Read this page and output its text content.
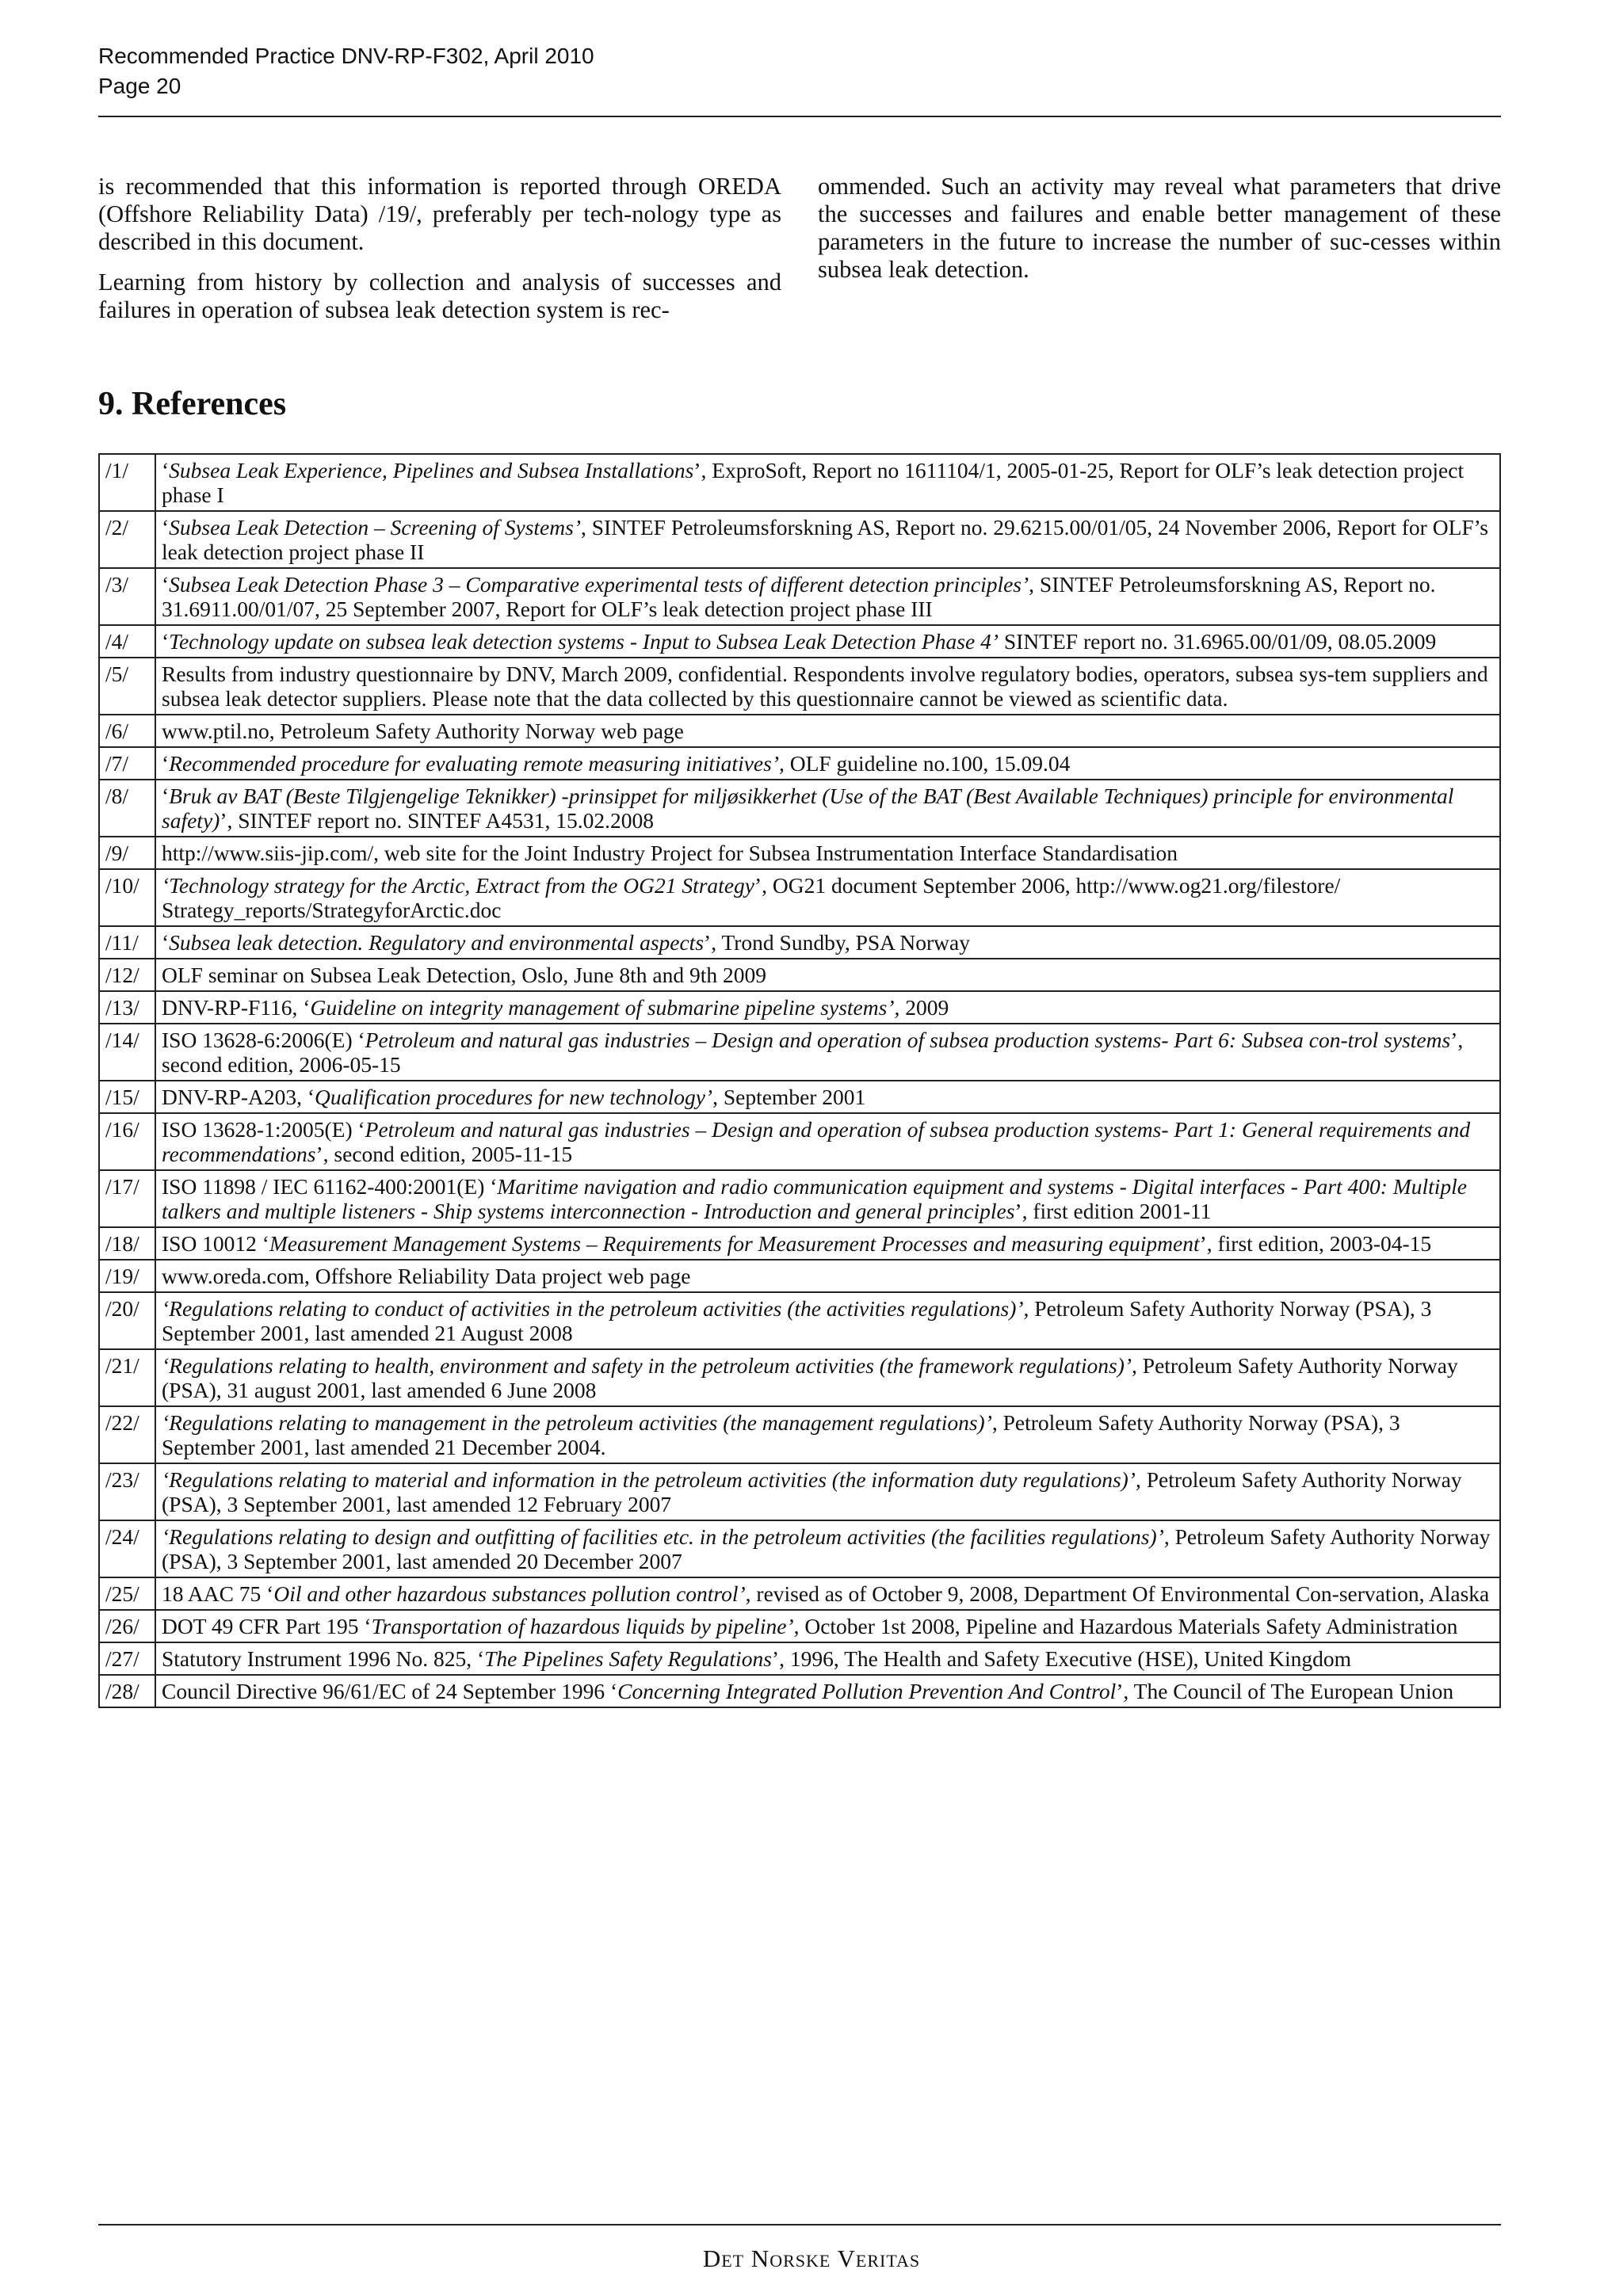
Recommended Practice DNV-RP-F302, April 2010
Page 20

is recommended that this information is reported through OREDA (Offshore Reliability Data) /19/, preferably per tech-nology type as described in this document.

Learning from history by collection and analysis of successes and failures in operation of subsea leak detection system is rec-

ommended. Such an activity may reveal what parameters that drive the successes and failures and enable better management of these parameters in the future to increase the number of suc-cesses within subsea leak detection.

9. References
/1/	‘Subsea Leak Experience, Pipelines and Subsea Installations’, ExproSoft, Report no 1611104/1, 2005-01-25, Report for OLF’s leak detection project phase I
/2/	‘Subsea Leak Detection – Screening of Systems’, SINTEF Petroleumsforskning AS, Report no. 29.6215.00/01/05, 24 November 2006, Report for OLF’s leak detection project phase II
/3/	‘Subsea Leak Detection Phase 3 – Comparative experimental tests of different detection principles’, SINTEF Petroleumsforskning AS, Report no. 31.6911.00/01/07, 25 September 2007, Report for OLF’s leak detection project phase III
/4/	‘Technology update on subsea leak detection systems - Input to Subsea Leak Detection Phase 4’ SINTEF report no. 31.6965.00/01/09, 08.05.2009
/5/	Results from industry questionnaire by DNV, March 2009, confidential. Respondents involve regulatory bodies, operators, subsea sys-tem suppliers and subsea leak detector suppliers. Please note that the data collected by this questionnaire cannot be viewed as scientific data.
/6/	www.ptil.no, Petroleum Safety Authority Norway web page
/7/	‘Recommended procedure for evaluating remote measuring initiatives’, OLF guideline no.100, 15.09.04
/8/	‘Bruk av BAT (Beste Tilgjengelige Teknikker) -prinsippet for miljøsikkerhet (Use of the BAT (Best Available Techniques) principle for environmental safety)’, SINTEF report no. SINTEF A4531, 15.02.2008
/9/	http://www.siis-jip.com/, web site for the Joint Industry Project for Subsea Instrumentation Interface Standardisation
/10/	‘Technology strategy for the Arctic, Extract from the OG21 Strategy’, OG21 document September 2006, http://www.og21.org/filestore/ Strategy_reports/StrategyforArctic.doc
/11/	‘Subsea leak detection. Regulatory and environmental aspects’, Trond Sundby, PSA Norway
/12/	OLF seminar on Subsea Leak Detection, Oslo, June 8th and 9th 2009
/13/	DNV-RP-F116, ‘Guideline on integrity management of submarine pipeline systems’, 2009
/14/	ISO 13628-6:2006(E) ‘Petroleum and natural gas industries – Design and operation of subsea production systems- Part 6: Subsea con-trol systems’, second edition, 2006-05-15
/15/	DNV-RP-A203, ‘Qualification procedures for new technology’, September 2001
/16/	ISO 13628-1:2005(E) ‘Petroleum and natural gas industries – Design and operation of subsea production systems- Part 1: General requirements and recommendations’, second edition, 2005-11-15
/17/	ISO 11898 / IEC 61162-400:2001(E) ‘Maritime navigation and radio communication equipment and systems - Digital interfaces - Part 400: Multiple talkers and multiple listeners - Ship systems interconnection - Introduction and general principles’, first edition 2001-11
/18/	ISO 10012 ‘Measurement Management Systems – Requirements for Measurement Processes and measuring equipment’, first edition, 2003-04-15
/19/	www.oreda.com, Offshore Reliability Data project web page
/20/	‘Regulations relating to conduct of activities in the petroleum activities (the activities regulations)’, Petroleum Safety Authority Norway (PSA), 3 September 2001, last amended 21 August 2008
/21/	‘Regulations relating to health, environment and safety in the petroleum activities (the framework regulations)’, Petroleum Safety Authority Norway (PSA), 31 august 2001, last amended 6 June 2008
/22/	‘Regulations relating to management in the petroleum activities (the management regulations)’, Petroleum Safety Authority Norway (PSA), 3 September 2001, last amended 21 December 2004.
/23/	‘Regulations relating to material and information in the petroleum activities (the information duty regulations)’, Petroleum Safety Authority Norway (PSA), 3 September 2001, last amended 12 February 2007
/24/	‘Regulations relating to design and outfitting of facilities etc. in the petroleum activities (the facilities regulations)’, Petroleum Safety Authority Norway (PSA), 3 September 2001, last amended 20 December 2007
/25/	18 AAC 75 ‘Oil and other hazardous substances pollution control’, revised as of October 9, 2008, Department Of Environmental Con-servation, Alaska
/26/	DOT 49 CFR Part 195 ‘Transportation of hazardous liquids by pipeline’, October 1st 2008, Pipeline and Hazardous Materials Safety Administration
/27/	Statutory Instrument 1996 No. 825, ‘The Pipelines Safety Regulations’, 1996, The Health and Safety Executive (HSE), United Kingdom
/28/	Council Directive 96/61/EC of 24 September 1996 ‘Concerning Integrated Pollution Prevention And Control’, The Council of The European Union
Det Norske Veritas
